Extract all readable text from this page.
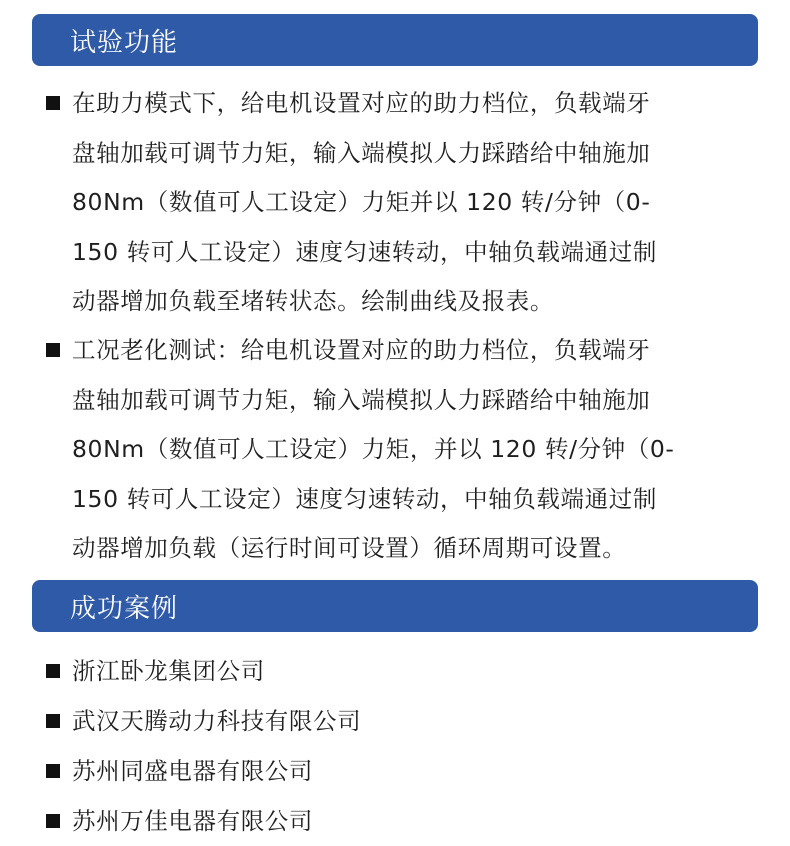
试验功能
在助力模式下，给电机设置对应的助力档位，负载端牙
盘轴加载可调节力矩，输入端模拟人力踩踏给中轴施加
80Nm（数值可人工设定）力矩并以 120 转/分钟（0-
150 转可人工设定）速度匀速转动，中轴负载端通过制
动器增加负载至堵转状态。绘制曲线及报表。
工况老化测试：给电机设置对应的助力档位，负载端牙
盘轴加载可调节力矩，输入端模拟人力踩踏给中轴施加
80Nm（数值可人工设定）力矩，并以 120 转/分钟（0-
150 转可人工设定）速度匀速转动，中轴负载端通过制
动器增加负载（运行时间可设置）循环周期可设置。
成功案例
浙江卧龙集团公司
武汉天腾动力科技有限公司
苏州同盛电器有限公司
苏州万佳电器有限公司
